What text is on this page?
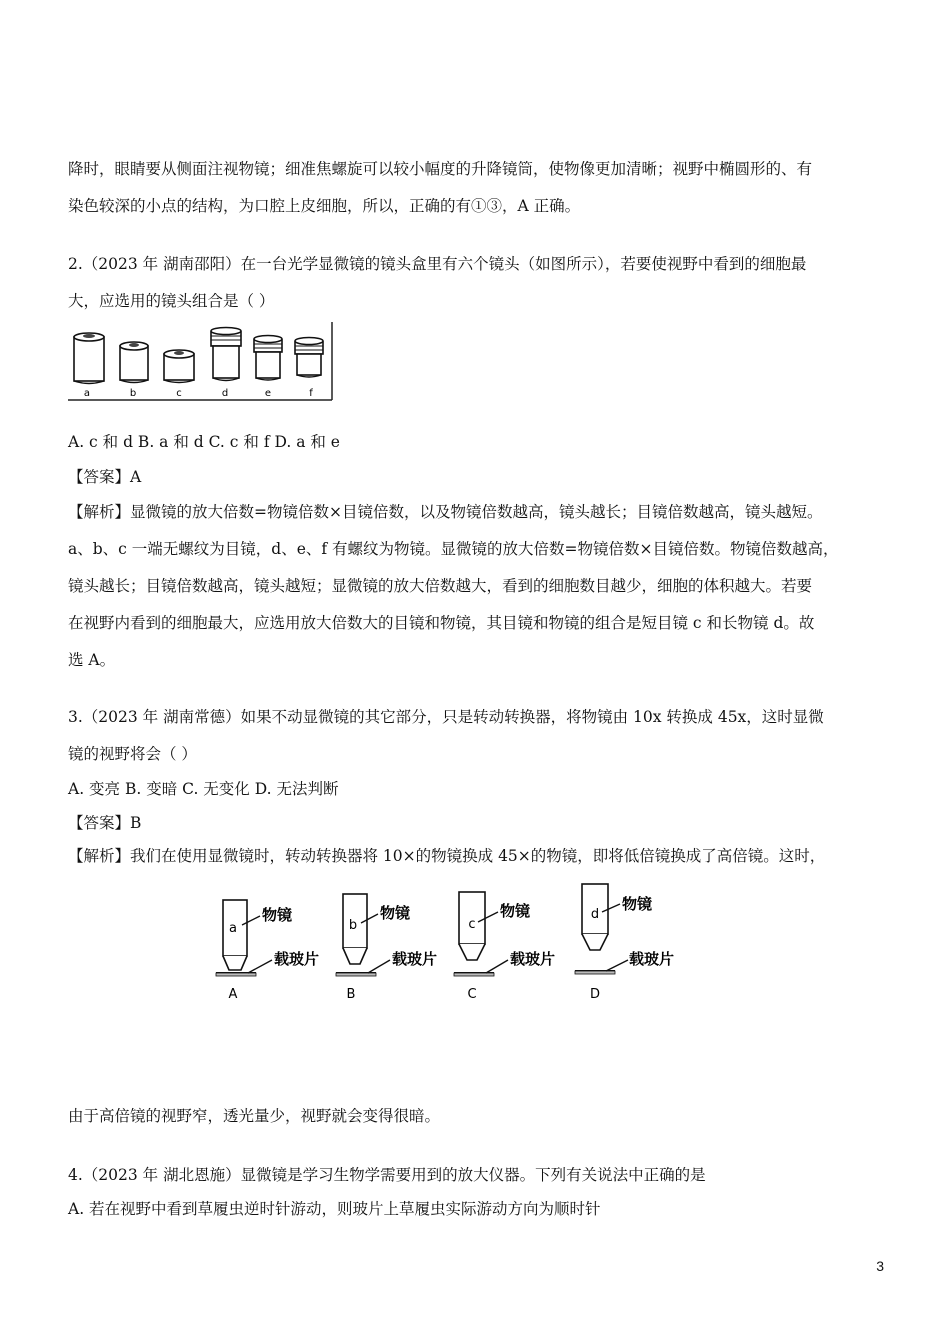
降时，眼睛要从侧面注视物镜；细准焦螺旋可以较小幅度的升降镜筒，使物像更加清晰；视野中椭圆形的、有
染色较深的小点的结构，为口腔上皮细胞，所以，正确的有①③，A 正确。
2.（2023 年 湖南邵阳）在一台光学显微镜的镜头盒里有六个镜头（如图所示），若要使视野中看到的细胞最
大，应选用的镜头组合是（ ）
a	b	c	d	e	f
A. c 和 d B. a 和 d C. c 和 f D. a 和 e
【答案】A
【解析】显微镜的放大倍数=物镜倍数×目镜倍数，以及物镜倍数越高，镜头越长；目镜倍数越高，镜头越短。
a、b、c 一端无螺纹为目镜，d、e、f 有螺纹为物镜。显微镜的放大倍数=物镜倍数×目镜倍数。物镜倍数越高，
镜头越长；目镜倍数越高，镜头越短；显微镜的放大倍数越大，看到的细胞数目越少，细胞的体积越大。若要
在视野内看到的细胞最大，应选用放大倍数大的目镜和物镜，其目镜和物镜的组合是短目镜 c 和长物镜 d。故
选 A。
3.（2023 年 湖南常德）如果不动显微镜的其它部分，只是转动转换器，将物镜由 10x 转换成 45x，这时显微
镜的视野将会（ ）
A. 变亮 B. 变暗 C. 无变化 D. 无法判断
【答案】B
【解析】我们在使用显微镜时，转动转换器将 10×的物镜换成 45×的物镜，即将低倍镜换成了高倍镜。这时，
a
物镜
载玻片
A
b
物镜
载玻片
B
c
物镜
载玻片
C
d
物镜
载玻片
D
由于高倍镜的视野窄，透光量少，视野就会变得很暗。
4.（2023 年 湖北恩施）显微镜是学习生物学需要用到的放大仪器。下列有关说法中正确的是
A. 若在视野中看到草履虫逆时针游动，则玻片上草履虫实际游动方向为顺时针
3
